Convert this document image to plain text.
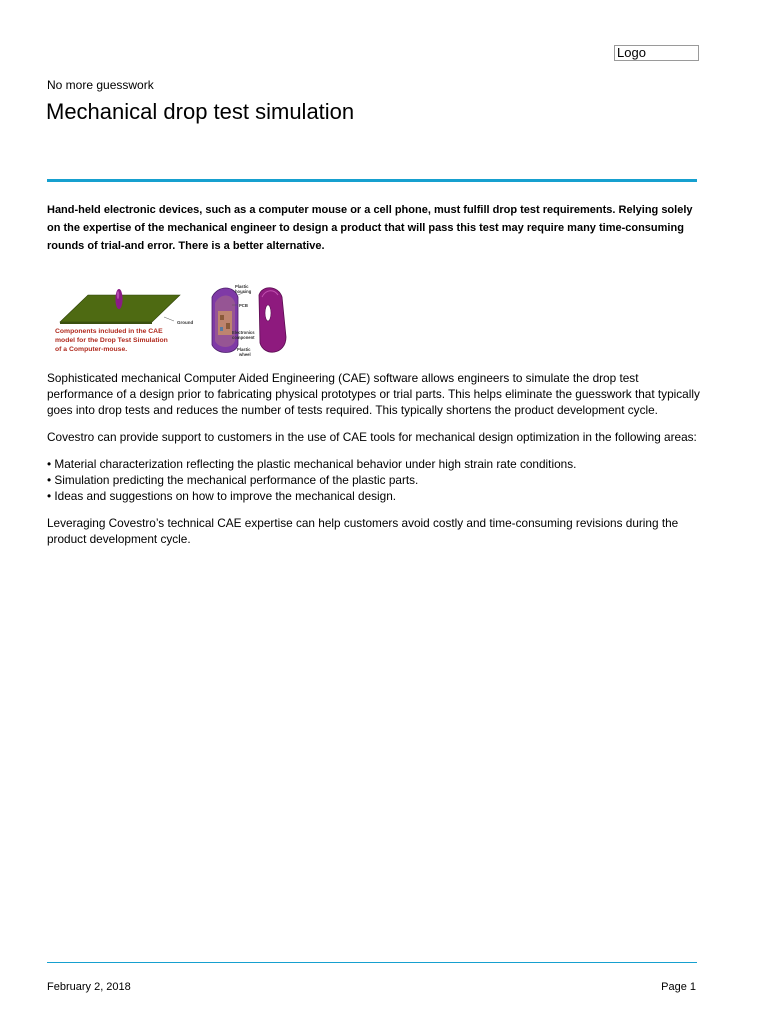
Logo
No more guesswork
Mechanical drop test simulation
Hand-held electronic devices, such as a computer mouse or a cell phone, must fulfill drop test requirements. Relying solely on the expertise of the mechanical engineer to design a product that will pass this test may require many time-consuming rounds of trial-and error. There is a better alternative.
Ground
Components included in the CAE
model for the Drop Test Simulation
of a Computer-mouse.
Plastic
housing
PCB
Electronics
component
Plastic
wheel

Sophisticated mechanical Computer Aided Engineering (CAE) software allows engineers to simulate the drop test performance of a design prior to fabricating physical prototypes or trial parts. This helps eliminate the guesswork that typically goes into drop tests and reduces the number of tests required. This typically shortens the product development cycle.

Covestro can provide support to customers in the use of CAE tools for mechanical design optimization in the following areas:

• Material characterization reflecting the plastic mechanical behavior under high strain rate conditions.
• Simulation predicting the mechanical performance of the plastic parts.
• Ideas and suggestions on how to improve the mechanical design.

Leveraging Covestro’s technical CAE expertise can help customers avoid costly and time-consuming revisions during the product development cycle.

February 2, 2018	Page 1
